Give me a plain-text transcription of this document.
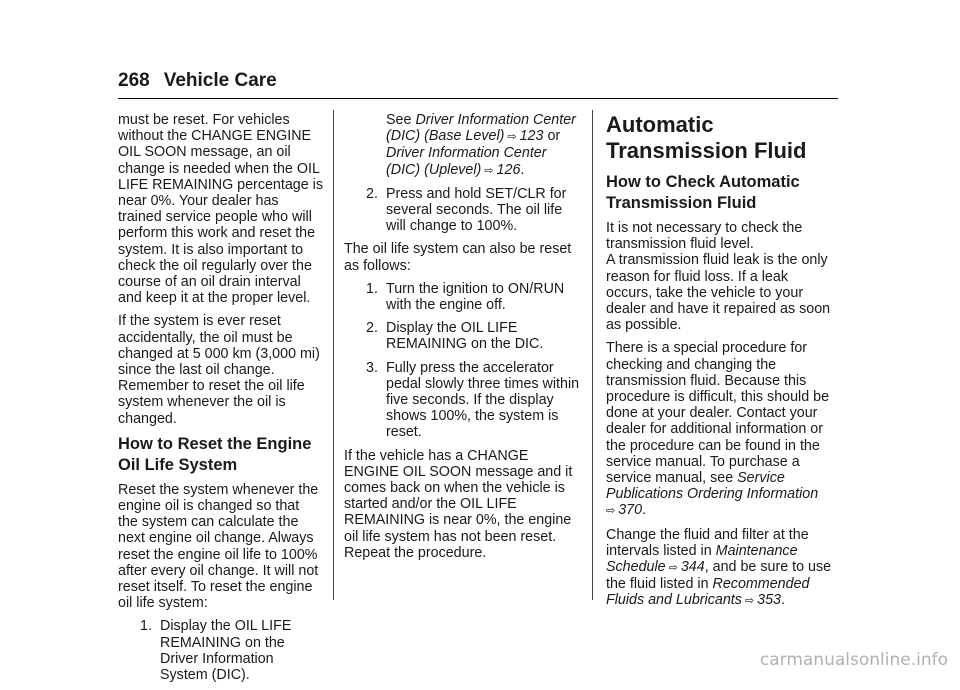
268 Vehicle Care

must be reset. For vehicles without the CHANGE ENGINE OIL SOON message, an oil change is needed when the OIL LIFE REMAINING percentage is near 0%. Your dealer has trained service people who will perform this work and reset the system. It is also important to check the oil regularly over the course of an oil drain interval and keep it at the proper level.

If the system is ever reset accidentally, the oil must be changed at 5 000 km (3,000 mi) since the last oil change. Remember to reset the oil life system whenever the oil is changed.

How to Reset the Engine Oil Life System

Reset the system whenever the engine oil is changed so that the system can calculate the next engine oil change. Always reset the engine oil life to 100% after every oil change. It will not reset itself. To reset the engine oil life system:

1. Display the OIL LIFE REMAINING on the Driver Information System (DIC).

See Driver Information Center (DIC) (Base Level) ⇨ 123 or Driver Information Center (DIC) (Uplevel) ⇨ 126.

2. Press and hold SET/CLR for several seconds. The oil life will change to 100%.

The oil life system can also be reset as follows:

1. Turn the ignition to ON/RUN with the engine off.
2. Display the OIL LIFE REMAINING on the DIC.
3. Fully press the accelerator pedal slowly three times within five seconds. If the display shows 100%, the system is reset.

If the vehicle has a CHANGE ENGINE OIL SOON message and it comes back on when the vehicle is started and/or the OIL LIFE REMAINING is near 0%, the engine oil life system has not been reset. Repeat the procedure.

Automatic Transmission Fluid
How to Check Automatic Transmission Fluid

It is not necessary to check the transmission fluid level.

A transmission fluid leak is the only reason for fluid loss. If a leak occurs, take the vehicle to your dealer and have it repaired as soon as possible.

There is a special procedure for checking and changing the transmission fluid. Because this procedure is difficult, this should be done at your dealer. Contact your dealer for additional information or the procedure can be found in the service manual. To purchase a service manual, see Service Publications Ordering Information
⇨ 370.

Change the fluid and filter at the intervals listed in Maintenance Schedule ⇨ 344, and be sure to use the fluid listed in Recommended Fluids and Lubricants ⇨ 353.

carmanualsonline.info
